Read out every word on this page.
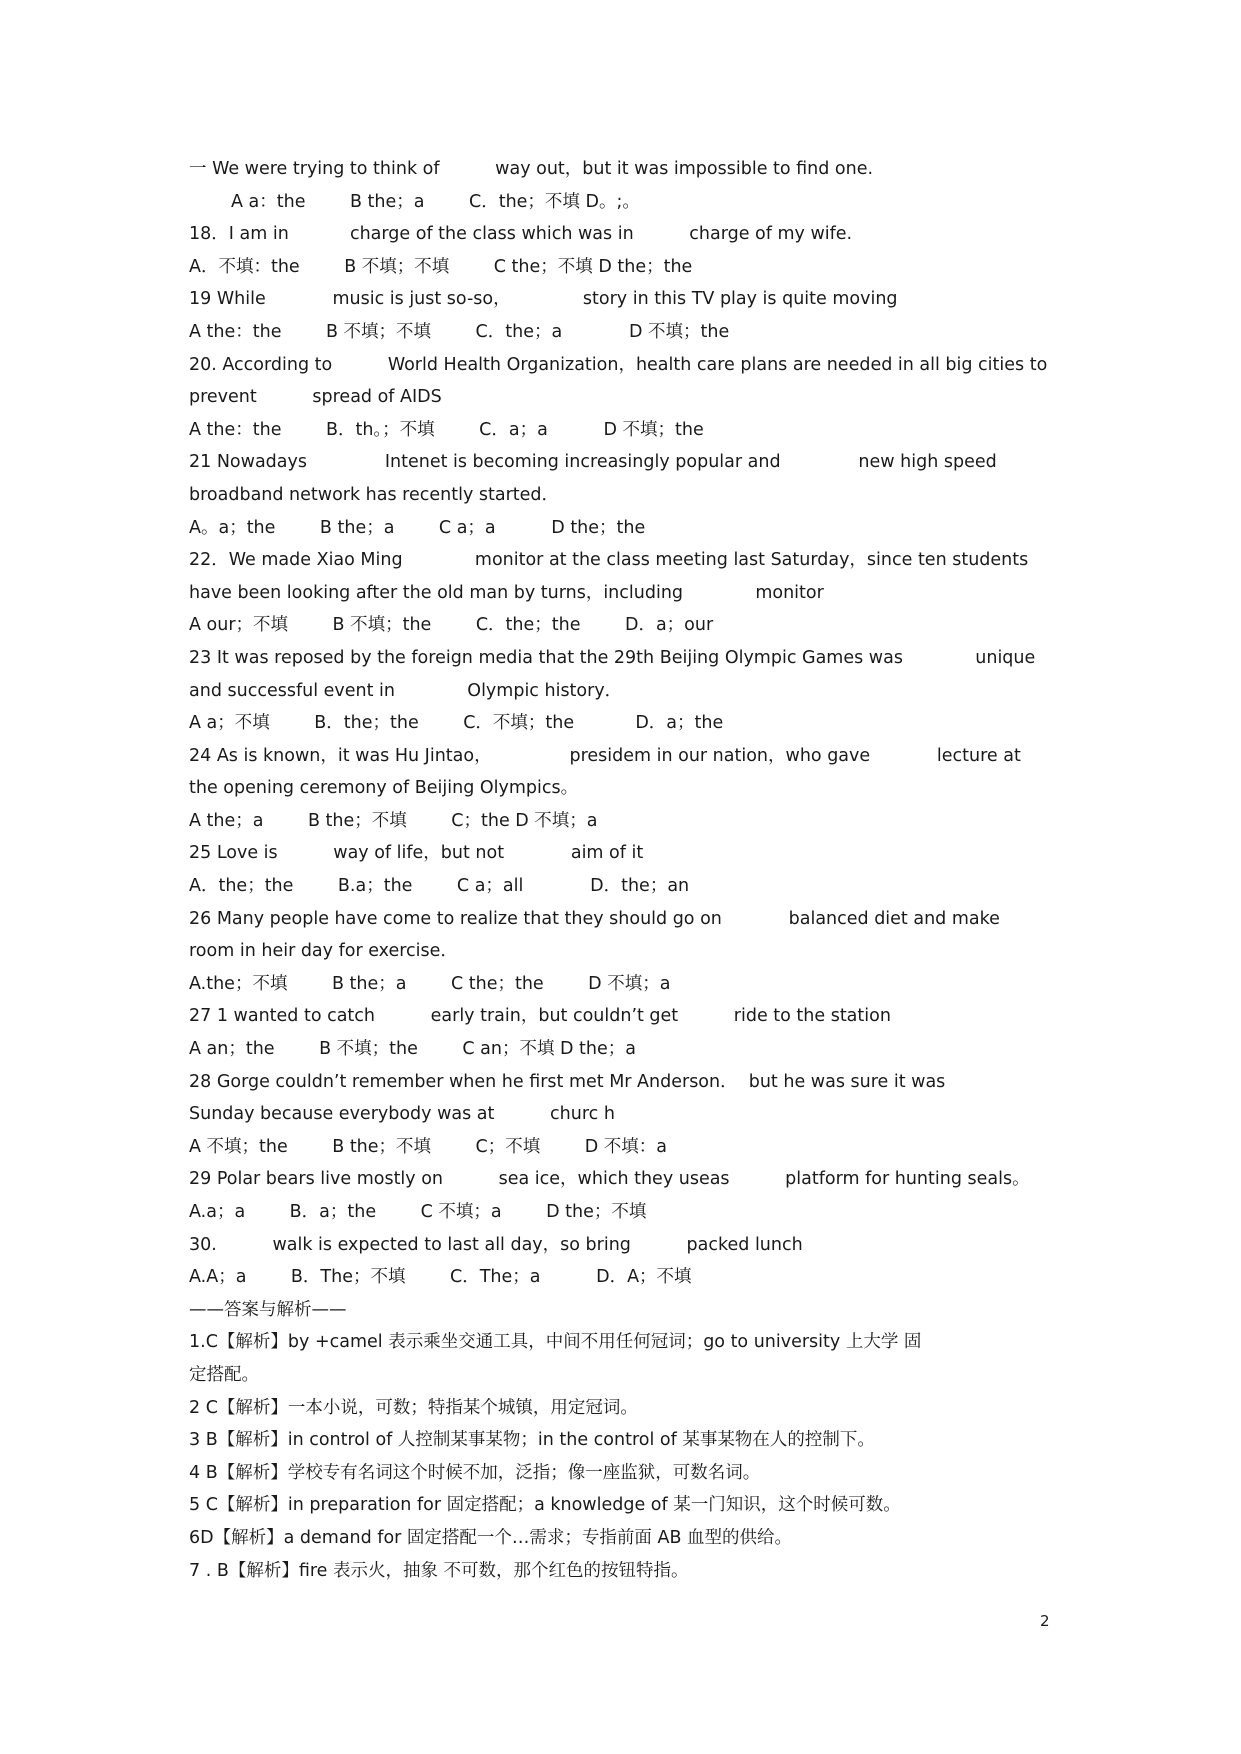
一 We were trying to think of          way out，but it was impossible to find one.
A a：the        B the；a        C．the；不填 D。;。
18．I am in           charge of the class which was in          charge of my wife.
A．不填：the        B 不填；不填        C the；不填 D the；the
19 While            music is just so-so，             story in this TV play is quite moving
A the：the        B 不填；不填        C．the；a            D 不填；the
20. According to          World Health Organization，health care plans are needed in all big cities to
prevent          spread of AIDS
A the：the        B．th。；不填        C．a；a          D 不填；the
21 Nowadays              Intenet is becoming increasingly popular and              new high speed
broadband network has recently started．
A。a；the        B the；a        C a；a          D the；the
22．We made Xiao Ming             monitor at the class meeting last Saturday，since ten students
have been looking after the old man by turns，including             monitor
A our；不填        B 不填；the        C．the；the        D．a；our
23 It was reposed by the foreign media that the 29th Beijing Olympic Games was             unique
and successful event in             Olympic history．
A a；不填        B．the；the        C．不填；the           D．a；the
24 As is known，it was Hu Jintao，              presidem in our nation，who gave            lecture at
the opening ceremony of Beijing Olympics。
A the；a        B the；不填        C；the D 不填；a
25 Love is          way of life，but not            aim of it
A．the；the        B.a；the        C a；all            D．the；an
26 Many people have come to realize that they should go on            balanced diet and make
room in heir day for exercise．
A.the；不填        B the；a        C the；the        D 不填；a
27 1 wanted to catch          early train，but couldn’t get          ride to the station
A an；the        B 不填；the        C an；不填 D the；a
28 Gorge couldn’t remember when he first met Mr Anderson．  but he was sure it was
Sunday because everybody was at          churc h
A 不填；the        B the；不填        C；不填        D 不填：a
29 Polar bears live mostly on          sea ice，which they useas          platform for hunting seals。
A.a；a        B．a；the        C 不填；a        D the；不填
30.          walk is expected to last all day，so bring          packed lunch
A.A；a        B．The；不填        C．The；a          D．A；不填
——答案与解析——
1.C【解析】by +camel 表示乘坐交通工具，中间不用任何冠词；go to university 上大学 固
定搭配。
2 C【解析】一本小说，可数；特指某个城镇，用定冠词。
3 B【解析】in control of 人控制某事某物；in the control of 某事某物在人的控制下。
4 B【解析】学校专有名词这个时候不加，泛指；像一座监狱，可数名词。
5 C【解析】in preparation for 固定搭配；a knowledge of 某一门知识，这个时候可数。
6D【解析】a demand for 固定搭配一个…需求；专指前面 AB 血型的供给。
7 . B【解析】fire 表示火，抽象 不可数，那个红色的按钮特指。
2
